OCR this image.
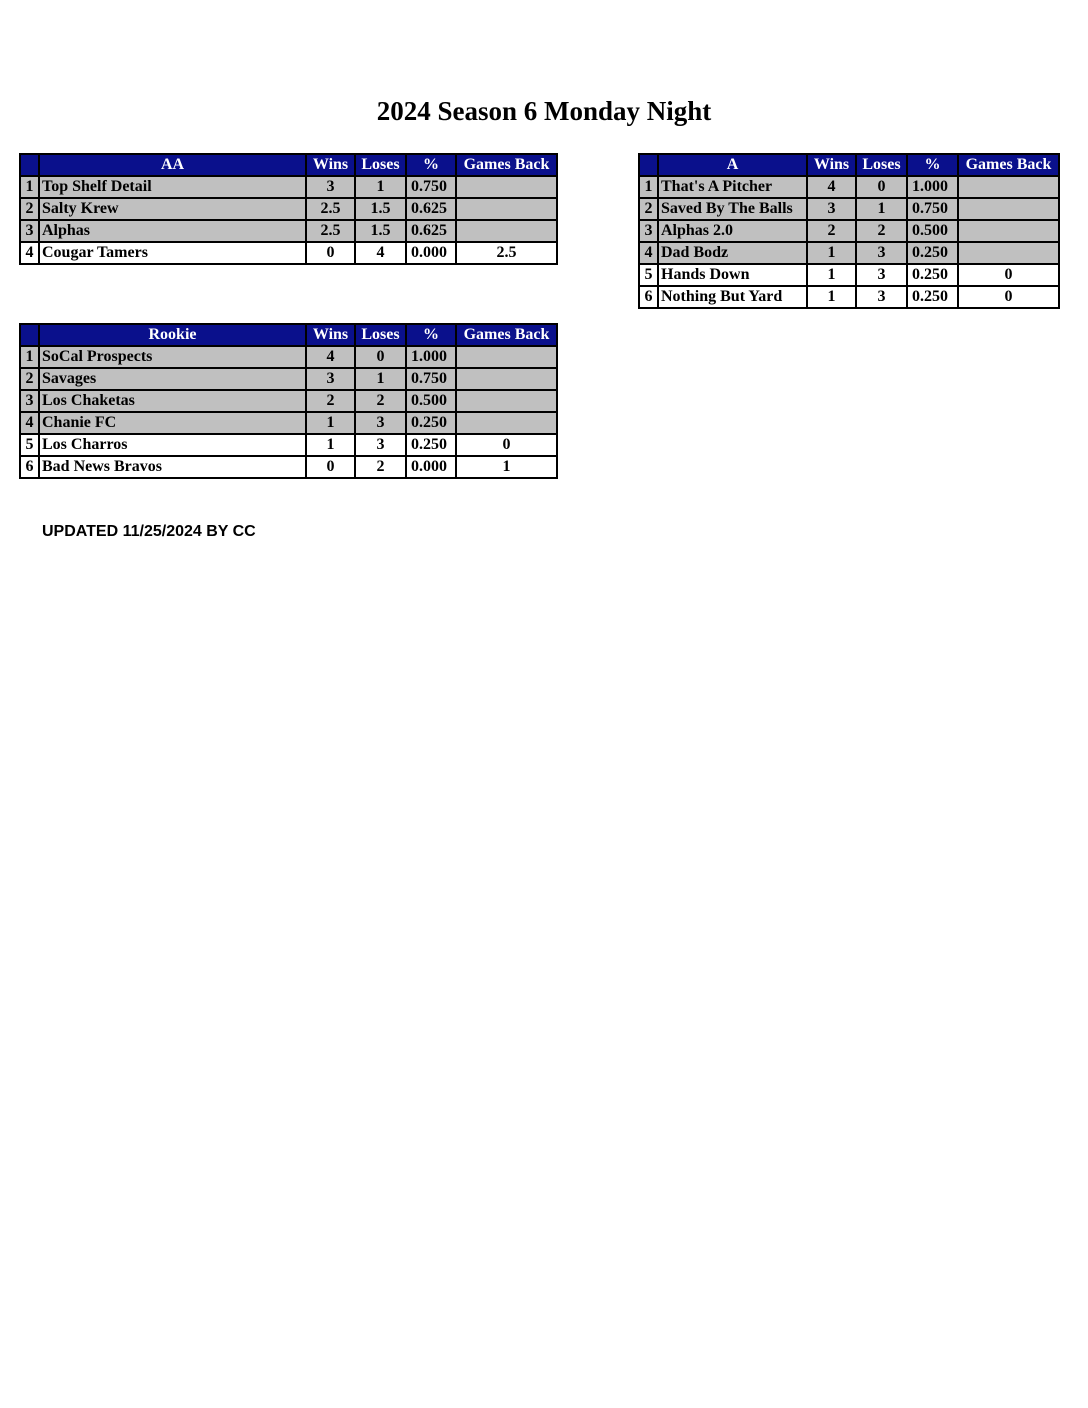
2024 Season 6 Monday Night
	AA	Wins	Loses	%	Games Back
1	Top Shelf Detail	3	1	0.750	
2	Salty Krew	2.5	1.5	0.625	
3	Alphas	2.5	1.5	0.625	
4	Cougar Tamers	0	4	0.000	2.5
	A	Wins	Loses	%	Games Back
1	That's A Pitcher	4	0	1.000	
2	Saved By The Balls	3	1	0.750	
3	Alphas 2.0	2	2	0.500	
4	Dad Bodz	1	3	0.250	
5	Hands Down	1	3	0.250	0
6	Nothing But Yard	1	3	0.250	0
	Rookie	Wins	Loses	%	Games Back
1	SoCal Prospects	4	0	1.000	
2	Savages	3	1	0.750	
3	Los Chaketas	2	2	0.500	
4	Chanie FC	1	3	0.250	
5	Los Charros	1	3	0.250	0
6	Bad News Bravos	0	2	0.000	1
UPDATED 11/25/2024 BY CC
